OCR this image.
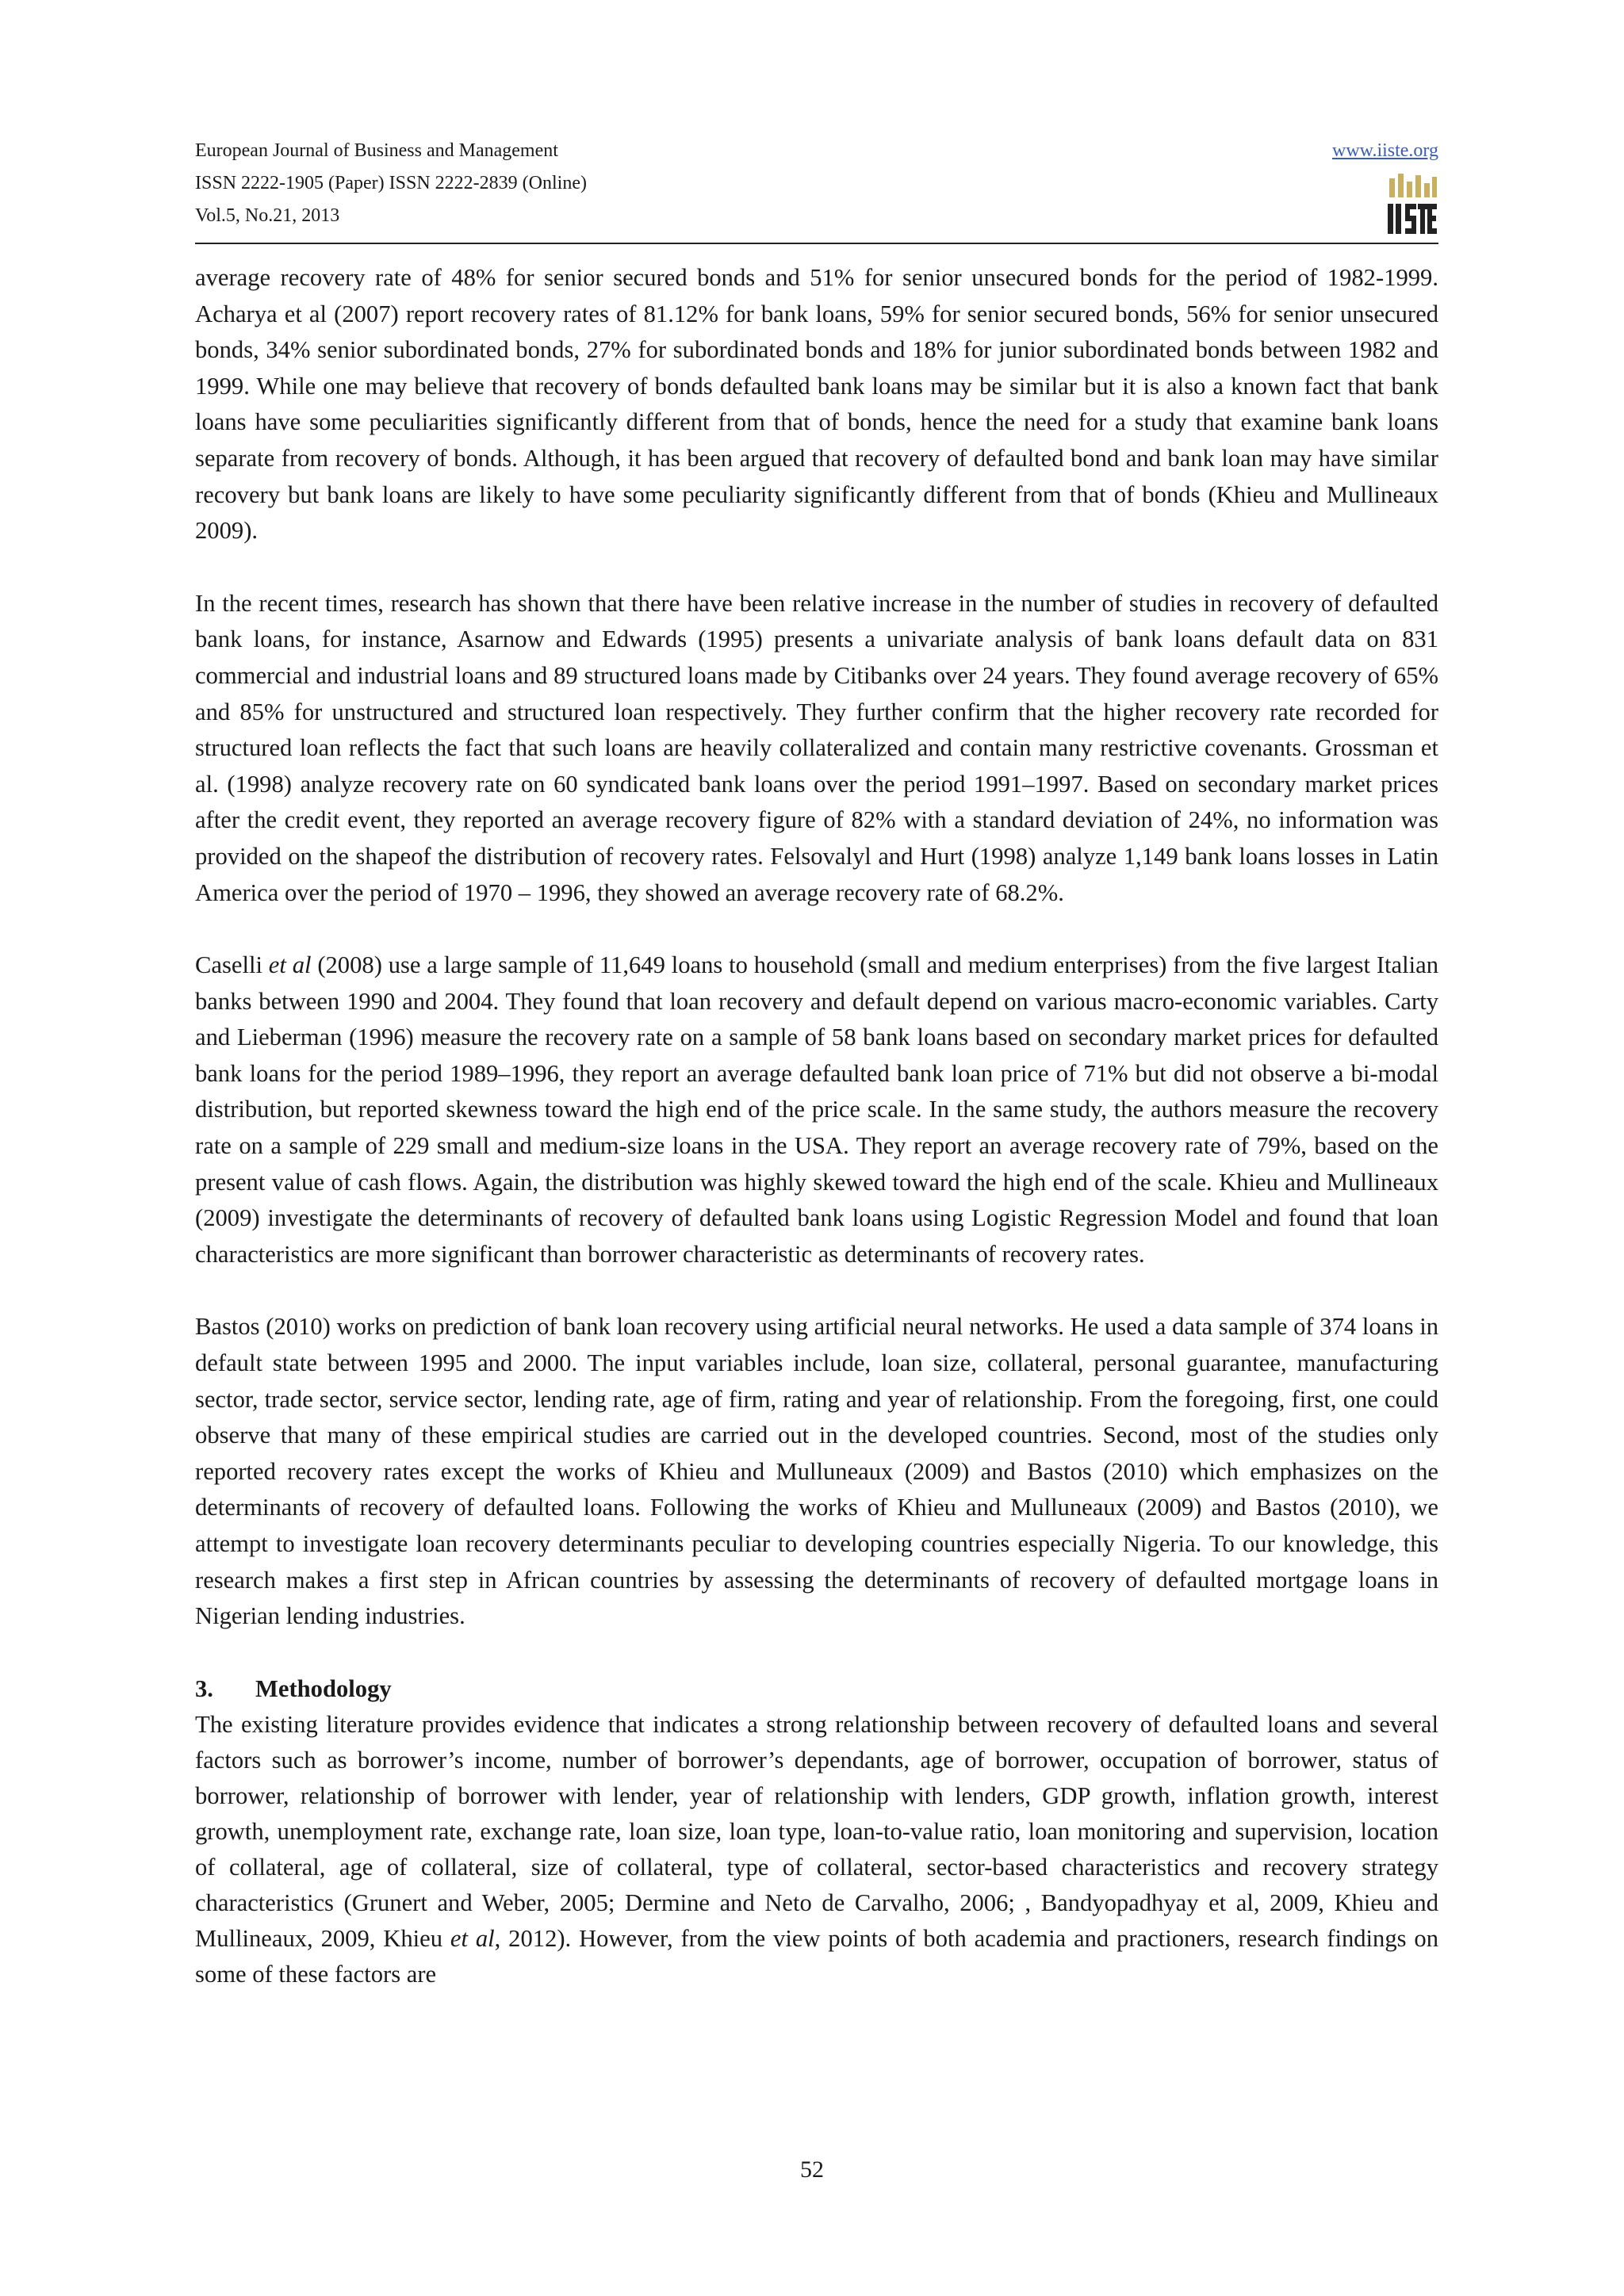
European Journal of Business and Management
ISSN 2222-1905 (Paper) ISSN 2222-2839 (Online)
Vol.5, No.21, 2013
www.iiste.org

average recovery rate of 48% for senior secured bonds and 51% for senior unsecured bonds for the period of 1982-1999. Acharya et al (2007) report recovery rates of 81.12% for bank loans, 59% for senior secured bonds, 56% for senior unsecured bonds, 34% senior subordinated bonds, 27% for subordinated bonds and 18% for junior subordinated bonds between 1982 and 1999. While one may believe that recovery of bonds defaulted bank loans may be similar but it is also a known fact that bank loans have some peculiarities significantly different from that of bonds, hence the need for a study that examine bank loans separate from recovery of bonds. Although, it has been argued that recovery of defaulted bond and bank loan may have similar recovery but bank loans are likely to have some peculiarity significantly different from that of bonds (Khieu and Mullineaux 2009).

In the recent times, research has shown that there have been relative increase in the number of studies in recovery of defaulted bank loans, for instance, Asarnow and Edwards (1995) presents a univariate analysis of bank loans default data on 831 commercial and industrial loans and 89 structured loans made by Citibanks over 24 years. They found average recovery of 65% and 85% for unstructured and structured loan respectively. They further confirm that the higher recovery rate recorded for structured loan reflects the fact that such loans are heavily collateralized and contain many restrictive covenants. Grossman et al. (1998) analyze recovery rate on 60 syndicated bank loans over the period 1991–1997. Based on secondary market prices after the credit event, they reported an average recovery figure of 82% with a standard deviation of 24%, no information was provided on the shapeof the distribution of recovery rates. Felsovalyl and Hurt (1998) analyze 1,149 bank loans losses in Latin America over the period of 1970 – 1996, they showed an average recovery rate of 68.2%.

Caselli et al (2008) use a large sample of 11,649 loans to household (small and medium enterprises) from the five largest Italian banks between 1990 and 2004. They found that loan recovery and default depend on various macro-economic variables. Carty and Lieberman (1996) measure the recovery rate on a sample of 58 bank loans based on secondary market prices for defaulted bank loans for the period 1989–1996, they report an average defaulted bank loan price of 71% but did not observe a bi-modal distribution, but reported skewness toward the high end of the price scale. In the same study, the authors measure the recovery rate on a sample of 229 small and medium-size loans in the USA. They report an average recovery rate of 79%, based on the present value of cash flows. Again, the distribution was highly skewed toward the high end of the scale. Khieu and Mullineaux (2009) investigate the determinants of recovery of defaulted bank loans using Logistic Regression Model and found that loan characteristics are more significant than borrower characteristic as determinants of recovery rates.

Bastos (2010) works on prediction of bank loan recovery using artificial neural networks. He used a data sample of 374 loans in default state between 1995 and 2000. The input variables include, loan size, collateral, personal guarantee, manufacturing sector, trade sector, service sector, lending rate, age of firm, rating and year of relationship. From the foregoing, first, one could observe that many of these empirical studies are carried out in the developed countries. Second, most of the studies only reported recovery rates except the works of Khieu and Mulluneaux (2009) and Bastos (2010) which emphasizes on the determinants of recovery of defaulted loans. Following the works of Khieu and Mulluneaux (2009) and Bastos (2010), we attempt to investigate loan recovery determinants peculiar to developing countries especially Nigeria. To our knowledge, this research makes a first step in African countries by assessing the determinants of recovery of defaulted mortgage loans in Nigerian lending industries.

3. Methodology

The existing literature provides evidence that indicates a strong relationship between recovery of defaulted loans and several factors such as borrower’s income, number of borrower’s dependants, age of borrower, occupation of borrower, status of borrower, relationship of borrower with lender, year of relationship with lenders, GDP growth, inflation growth, interest growth, unemployment rate, exchange rate, loan size, loan type, loan-to-value ratio, loan monitoring and supervision, location of collateral, age of collateral, size of collateral, type of collateral, sector-based characteristics and recovery strategy characteristics (Grunert and Weber, 2005; Dermine and Neto de Carvalho, 2006; , Bandyopadhyay et al, 2009, Khieu and Mullineaux, 2009, Khieu et al, 2012). However, from the view points of both academia and practioners, research findings on some of these factors are

52
